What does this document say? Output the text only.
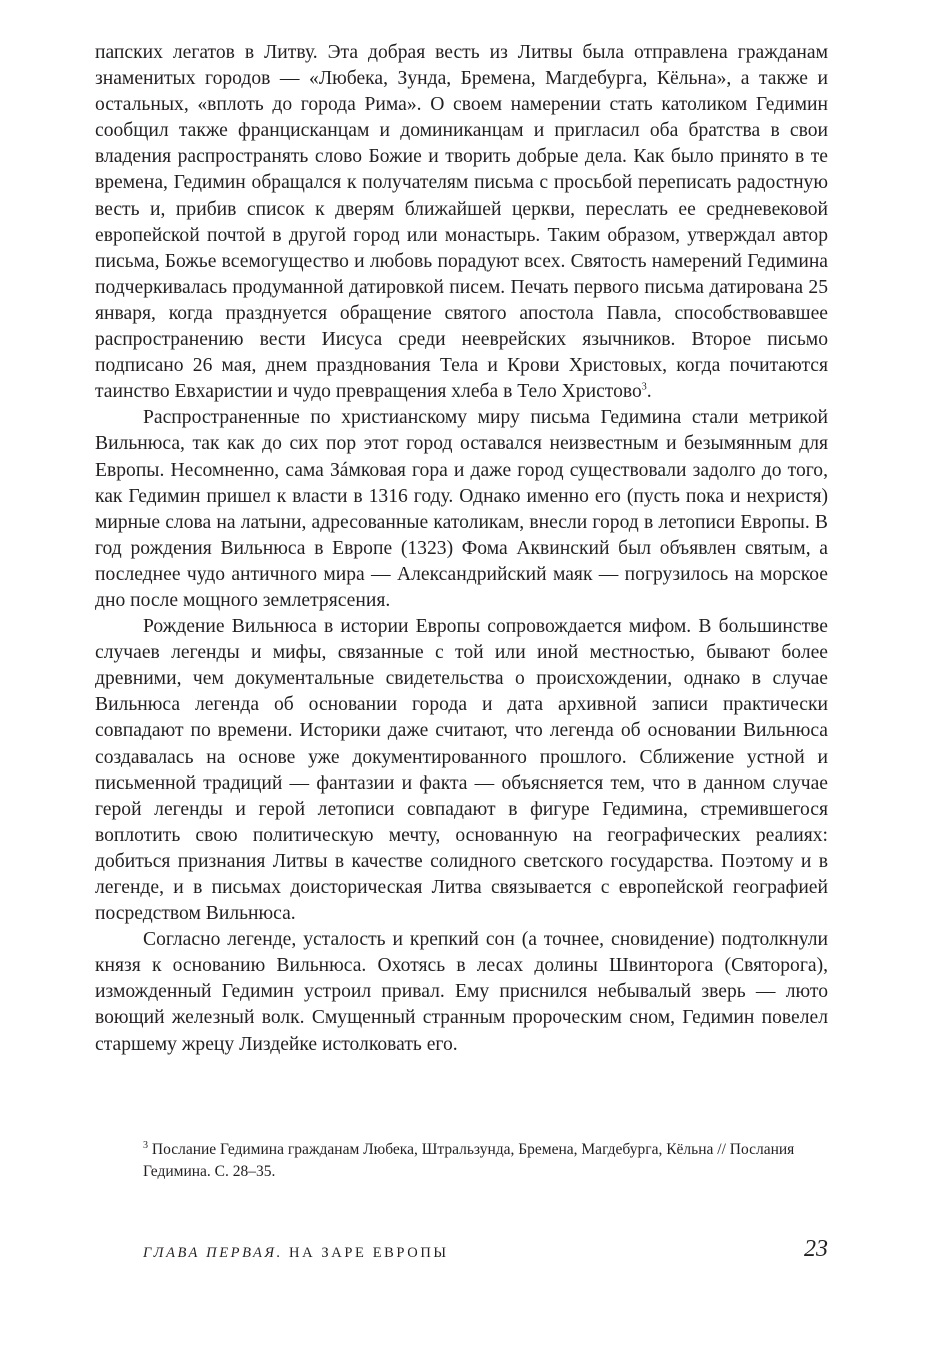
папских легатов в Литву. Эта добрая весть из Литвы была отправлена гражданам знаменитых городов — «Любека, Зунда, Бремена, Магдебурга, Кёльна», а также и остальных, «вплоть до города Рима». О своем намерении стать католиком Гедимин сообщил также францисканцам и доминиканцам и пригласил оба братства в свои владения распространять слово Божие и творить добрые дела. Как было принято в те времена, Гедимин обращался к получателям письма с просьбой переписать радостную весть и, прибив список к дверям ближайшей церкви, переслать ее средневековой европейской почтой в другой город или монастырь. Таким образом, утверждал автор письма, Божье всемогущество и любовь порадуют всех. Святость намерений Гедимина подчеркивалась продуманной датировкой писем. Печать первого письма датирована 25 января, когда празднуется обращение святого апостола Павла, способствовавшее распространению вести Иисуса среди нееврейских язычников. Второе письмо подписано 26 мая, днем празднования Тела и Крови Христовых, когда почитаются таинство Евхаристии и чудо превращения хлеба в Тело Христово$^3$.

Распространенные по христианскому миру письма Гедимина стали метрикой Вильнюса, так как до сих пор этот город оставался неизвестным и безымянным для Европы. Несомненно, сама Зáмковая гора и даже город существовали задолго до того, как Гедимин пришел к власти в 1316 году. Однако именно его (пусть пока и нехристя) мирные слова на латыни, адресованные католикам, внесли город в летописи Европы. В год рождения Вильнюса в Европе (1323) Фома Аквинский был объявлен святым, а последнее чудо античного мира — Александрийский маяк — погрузилось на морское дно после мощного землетрясения.

Рождение Вильнюса в истории Европы сопровождается мифом. В большинстве случаев легенды и мифы, связанные с той или иной местностью, бывают более древними, чем документальные свидетельства о происхождении, однако в случае Вильнюса легенда об основании города и дата архивной записи практически совпадают по времени. Историки даже считают, что легенда об основании Вильнюса создавалась на основе уже документированного прошлого. Сближение устной и письменной традиций — фантазии и факта — объясняется тем, что в данном случае герой легенды и герой летописи совпадают в фигуре Гедимина, стремившегося воплотить свою политическую мечту, основанную на географических реалиях: добиться признания Литвы в качестве солидного светского государства. Поэтому и в легенде, и в письмах доисторическая Литва связывается с европейской географией посредством Вильнюса.

Согласно легенде, усталость и крепкий сон (а точнее, сновидение) подтолкнули князя к основанию Вильнюса. Охотясь в лесах долины Швинторога (Святорога), изможденный Гедимин устроил привал. Ему приснился небывалый зверь — люто воющий железный волк. Смущенный странным пророческим сном, Гедимин повелел старшему жрецу Лиздейке истолковать его.

$^3$ Послание Гедимина гражданам Любека, Штральзунда, Бремена, Магдебурга, Кёльна // Послания Гедимина. С. 28–35.

ГЛАВА ПЕРВАЯ. НА ЗАРЕ ЕВРОПЫ	23
